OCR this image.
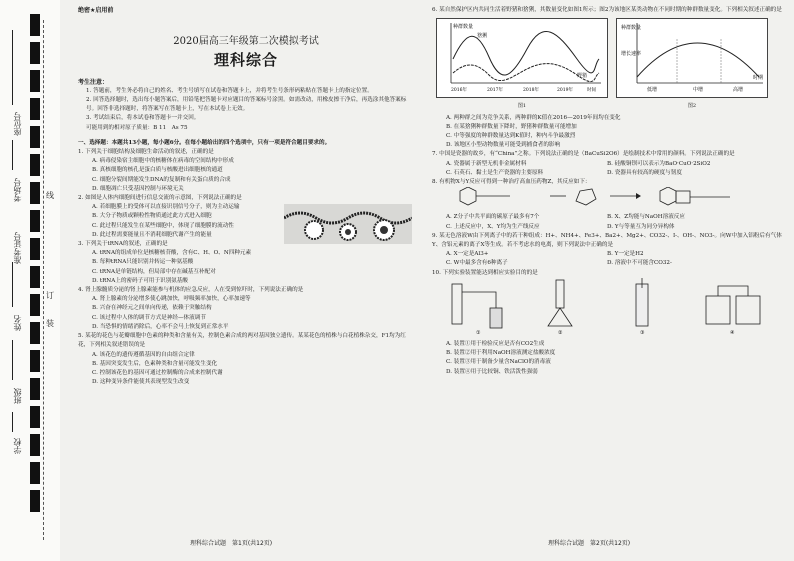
座位号
考场号
准考证号
姓名
班级
学校
线
订
装
绝密★启用前
2020届高三年级第二次模拟考试
理科综合
考生注意：

1. 答题前，考生务必将自己的姓名、考生号填写在试卷和答题卡上，并将考生号条形码粘贴在答题卡上的指定位置。

2. 回答选择题时，选出每小题答案后，用铅笔把答题卡对应题目的答案标号涂黑。如需改动，用橡皮擦干净后，再选涂其他答案标号。回答非选择题时，将答案写在答题卡上，写在本试卷上无效。

3. 考试结束后，将本试卷和答题卡一并交回。

可能用到的相对原子质量：B 11　As 75

一、选择题：本题共13小题，每小题6分。在每小题给出的四个选项中，只有一项是符合题目要求的。

1. 下列关于细胞结构及细胞生命活动的叙述，正确的是

A. 病毒侵染宿主细胞中的核糖体在病毒的空间结构中形成

B. 真核细胞的核孔是蛋白质与核酸进出细胞核的通道

C. 细胞分裂间期能发生DNA的复制和有关蛋白质的合成

D. 细胞凋亡只受基因控制与环境无关

2. 如图是人体内细胞间进行信息交流的示意图，下列说法正确的是

A. 若细胞膜上的受体可以直接识别信号分子，则为主动运输

B. 大分子物质或颗粒性物质通过此方式进入细胞

C. 此过程只能发生在某些细胞中，体现了细胞膜的流动性

D. 此过程需要能量且不消耗细胞代谢产生的能量

3. 下列关于tRNA的叙述，正确的是

A. tRNA的组成单位是核糖核苷酸，含有C、H、O、N四种元素

B. 每种tRNA只能识别并转运一种氨基酸

C. tRNA是单链结构，但局部中存在碱基互补配对

D. tRNA上的密码子可用于识别氨基酸

4. 肾上腺髓质分泌的肾上腺素能参与机体的应急反应，人在受到惊吓时，下列说法正确的是

A. 肾上腺素的分泌增多使心跳加快，呼吸频率加快，心率加速等

B. 兴奋在神经元之间单向传递，依赖于突触结构

C. 该过程中人体的调节方式是神经—体液调节

D. 当恐惧的情绪消除后，心率不会马上恢复到正常水平

5. 某花的花色与花瓣细胞中色素的种类和含量有关，控制色素合成的两对基因独立遗传。某某花色的植株与白花植株杂交，F1均为红花，下列相关叙述错误的是

A. 该花色的遗传遵循基因的自由组合定律

B. 基因突变发生后，色素种类和含量可能发生变化

C. 控制该花色的基因可通过控制酶的合成来控制代谢

D. 这种变异条件能使其表现型发生改变

理科综合试题　第1页(共12页)

6. 某自然保护区内共同生活着野猪和猞猁，其数量变化如图1所示；图2为该地区某类动物在不同时期的种群数量变化。下列相关叙述正确的是

种群数量
猞猁
野猪
2016年	2017年	2018年	2019年	时间
图1
种群数量
增长速率
低增	中增	高增
时期
图2

A. 两种群之间为竞争关系，两种群的K值在2016—2019年间均在变化

B. 在某猞猁种群数量下降时，野猪种群数量可能增加

C. 中等强度的种群数量达到K值时，种内斗争最激烈

D. 该地区小型动物数量可能受到捕食者的影响

7. 中国是瓷器的故乡，有“China”之称。下列说法正确的是（BaCuSi2O6）是绘制技术中常用的颜料。下列说法正确的是

A. 瓷器属于新型无机非金属材料	B. 硅酸铜钡可以表示为BaO·CuO·2SiO2

C. 石英石、黏土是生产瓷器的主要原料	D. 瓷器具有较高的硬度与韧度

8. 有机物X与Y反应可得到一种治疗高血压药物Z，其反应如下：

A. Z分子中共平面的碳原子最多有7个	B. X、Z均能与NaOH溶液反应

C. 上述反应中，X、Y均为生产线反应	D. Y与等量互为同分异构体

9. 某无色溶液W由下列离子中的若干种组成：H+、NH4+、Fe3+、Ba2+、Mg2+、CO32-、I-、OH-、NO3-。向W中加入铝粉后有气体Y、含铝元素的离子X等生成。若不考虑水的电离，则下列说法中正确的是

A. X一定是Al3+	B. Y一定是H2

C. W中最多含有6种离子	D. 溶液中不可能含CO32-

10. 下列实验装置能达到相应实验目的的是

①	②	③	④

A. 装置①用于检验反应是否有CO2生成

B. 装置②用于利用NaOH溶液测定盐酸浓度

C. 装置③用于制备少量含NaClO的消毒液

D. 装置④用于比较铜、铁活泼性强弱

理科综合试题　第2页(共12页)
